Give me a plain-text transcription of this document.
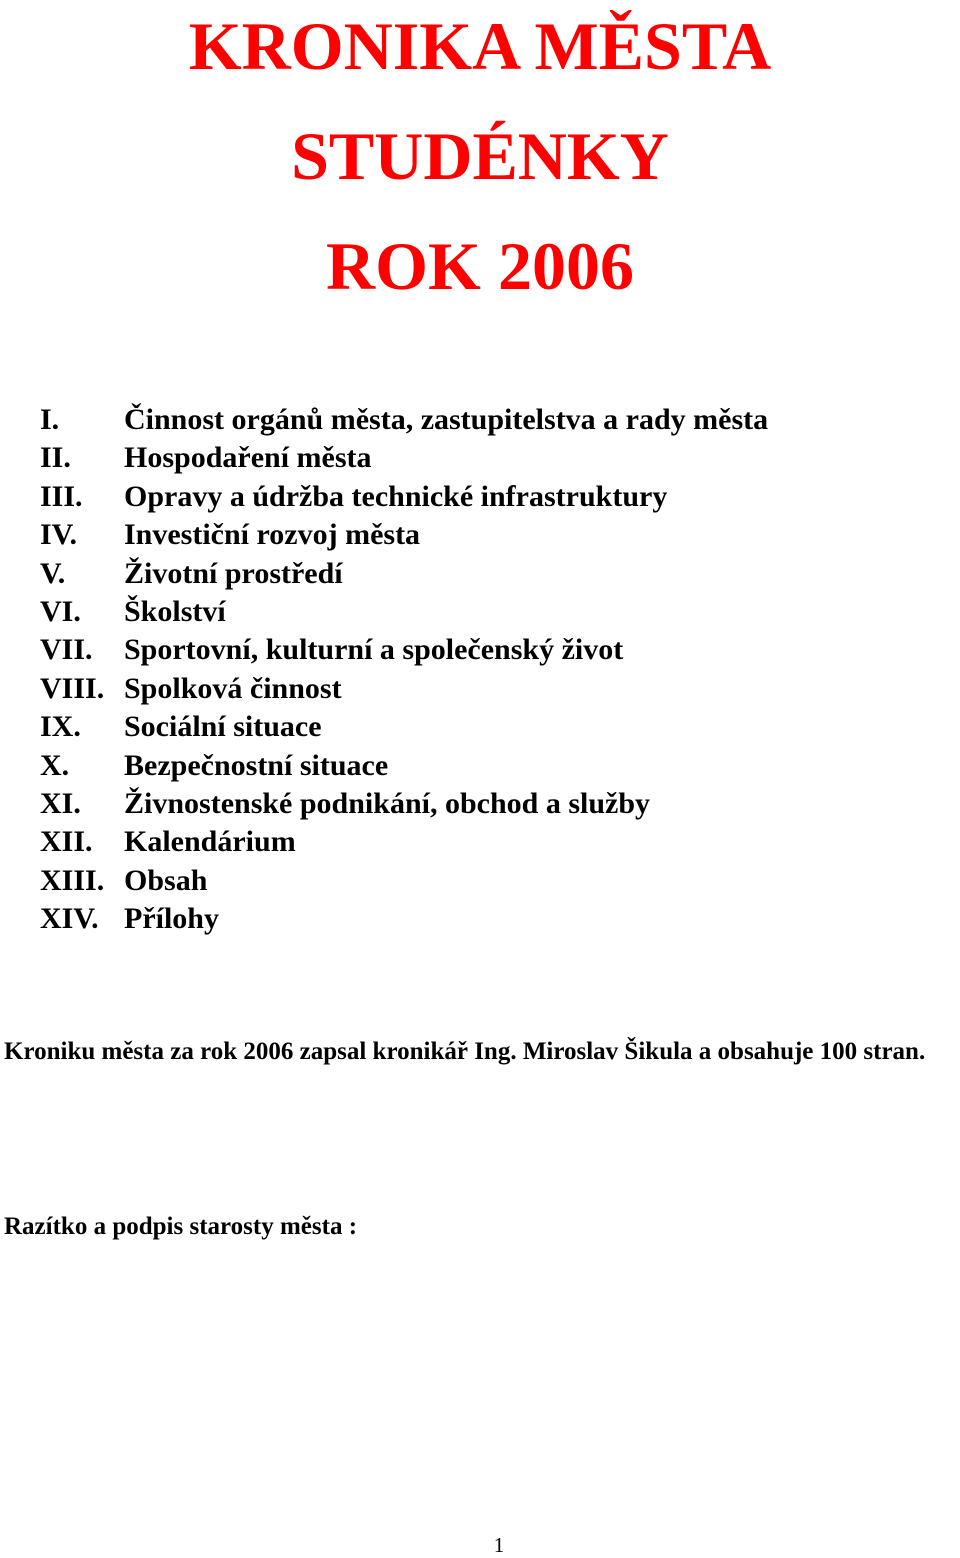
KRONIKA MĚSTA
STUDÉNKY
ROK 2006
I. Činnost orgánů města, zastupitelstva a rady města
II. Hospodaření města
III. Opravy a údržba technické infrastruktury
IV. Investiční rozvoj města
V. Životní prostředí
VI. Školství
VII. Sportovní, kulturní a společenský život
VIII. Spolková činnost
IX. Sociální situace
X. Bezpečnostní situace
XI. Živnostenské podnikání, obchod a služby
XII. Kalendárium
XIII. Obsah
XIV. Přílohy

Kroniku města za rok 2006 zapsal kronikář Ing. Miroslav Šikula a obsahuje 100 stran.

Razítko a podpis starosty města :
1
